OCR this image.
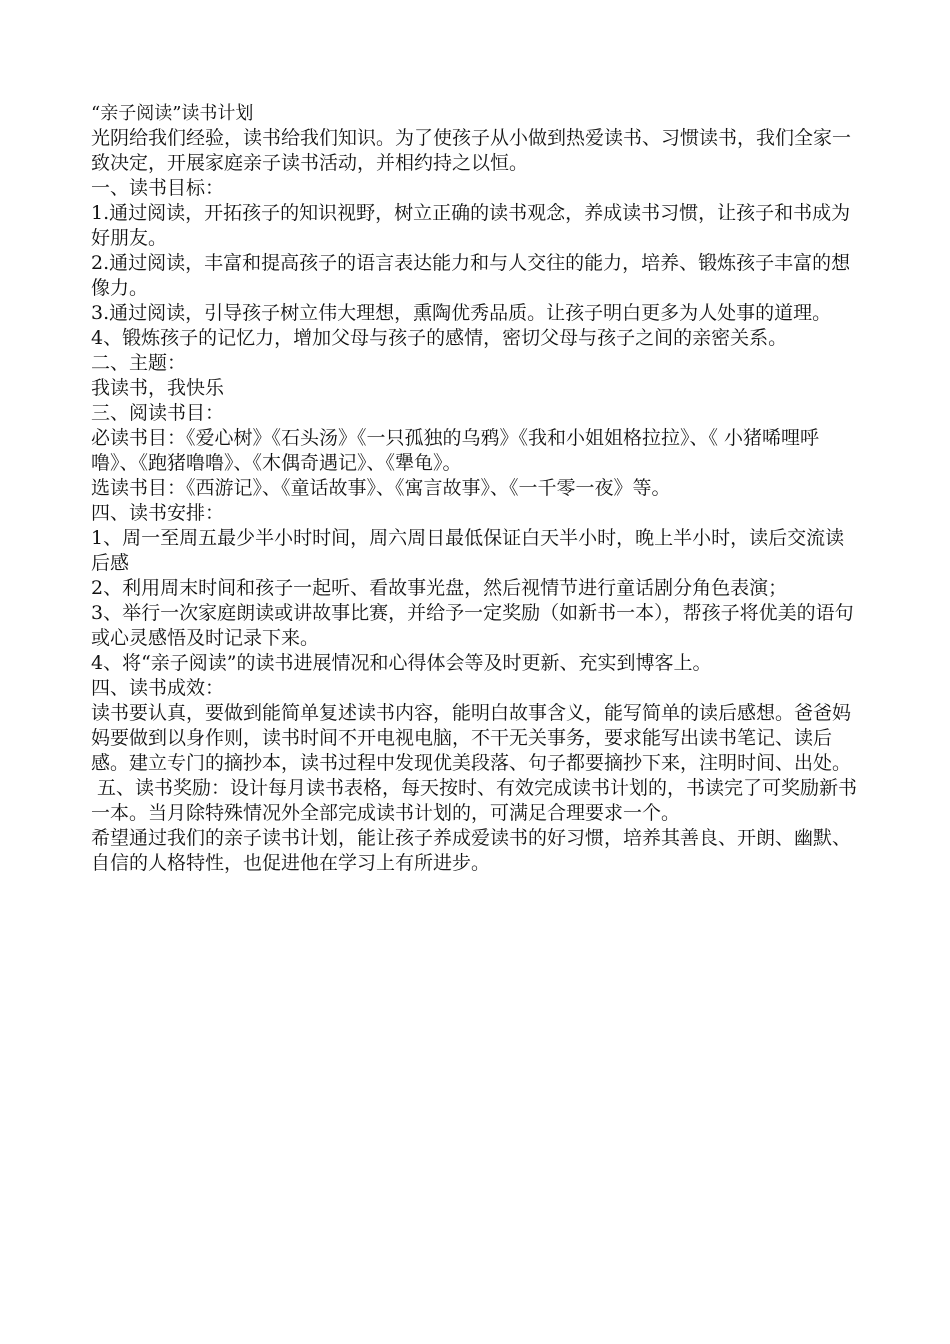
“亲子阅读”读书计划

光阴给我们经验，读书给我们知识。为了使孩子从小做到热爱读书、习惯读书，我们全家一致决定，开展家庭亲子读书活动，并相约持之以恒。

一、读书目标：

1.通过阅读，开拓孩子的知识视野，树立正确的读书观念，养成读书习惯，让孩子和书成为好朋友。

2.通过阅读，丰富和提高孩子的语言表达能力和与人交往的能力，培养、锻炼孩子丰富的想像力。

3.通过阅读，引导孩子树立伟大理想，熏陶优秀品质。让孩子明白更多为人处事的道理。

4、锻炼孩子的记忆力，增加父母与孩子的感情，密切父母与孩子之间的亲密关系。

二、主题：

我读书，我快乐

三、阅读书目：

必读书目：《爱心树》《石头汤》《一只孤独的乌鸦》《我和小姐姐格拉拉》、《 小猪唏哩呼噜》、《跑猪噜噜》、《木偶奇遇记》、《犟龟》。

选读书目：《西游记》、《童话故事》、《寓言故事》、《一千零一夜》等。

四、读书安排：

1、周一至周五最少半小时时间，周六周日最低保证白天半小时，晚上半小时，读后交流读后感

2、利用周末时间和孩子一起听、看故事光盘，然后视情节进行童话剧分角色表演；

3、举行一次家庭朗读或讲故事比赛，并给予一定奖励（如新书一本），帮孩子将优美的语句或心灵感悟及时记录下来。

4、将“亲子阅读”的读书进展情况和心得体会等及时更新、充实到博客上。

四、读书成效：

读书要认真，要做到能简单复述读书内容，能明白故事含义，能写简单的读后感想。爸爸妈妈要做到以身作则，读书时间不开电视电脑，不干无关事务，要求能写出读书笔记、读后感。建立专门的摘抄本，读书过程中发现优美段落、句子都要摘抄下来，注明时间、出处。

五、读书奖励：设计每月读书表格，每天按时、有效完成读书计划的，书读完了可奖励新书一本。当月除特殊情况外全部完成读书计划的，可满足合理要求一个。

希望通过我们的亲子读书计划，能让孩子养成爱读书的好习惯，培养其善良、开朗、幽默、自信的人格特性，也促进他在学习上有所进步。
